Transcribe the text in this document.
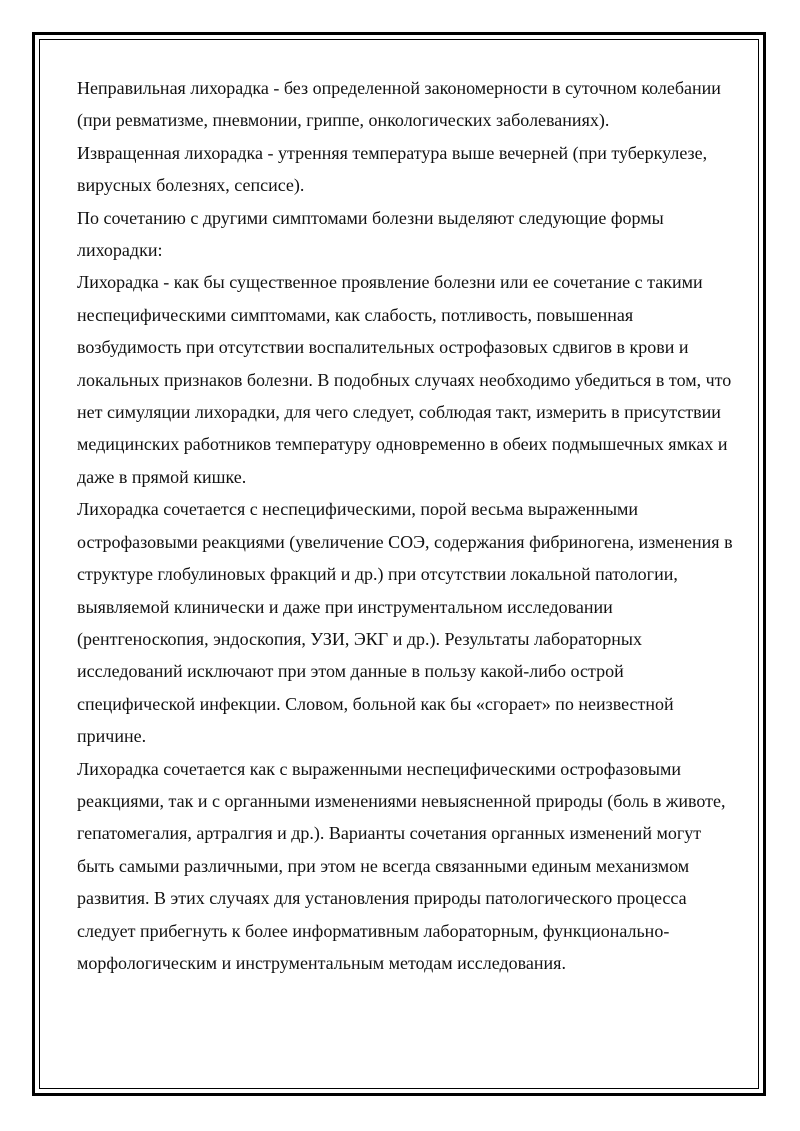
Неправильная лихорадка - без определенной закономерности в суточном колебании (при ревматизме, пневмонии, гриппе, онкологических заболеваниях).

Извращенная лихорадка - утренняя температура выше вечерней (при туберкулезе, вирусных болезнях, сепсисе).

По сочетанию с другими симптомами болезни выделяют следующие формы лихорадки:

Лихорадка - как бы существенное проявление болезни или ее сочетание с такими неспецифическими симптомами, как слабость, потливость, повышенная возбудимость при отсутствии воспалительных острофазовых сдвигов в крови и локальных признаков болезни. В подобных случаях необходимо убедиться в том, что нет симуляции лихорадки, для чего следует, соблюдая такт, измерить в присутствии медицинских работников температуру одновременно в обеих подмышечных ямках и даже в прямой кишке.

Лихорадка сочетается с неспецифическими, порой весьма выраженными острофазовыми реакциями (увеличение СОЭ, содержания фибриногена, изменения в структуре глобулиновых фракций и др.) при отсутствии локальной патологии, выявляемой клинически и даже при инструментальном исследовании (рентгеноскопия, эндоскопия, УЗИ, ЭКГ и др.). Результаты лабораторных исследований исключают при этом данные в пользу какой-либо острой специфической инфекции. Словом, больной как бы «сгорает» по неизвестной причине.

Лихорадка сочетается как с выраженными неспецифическими острофазовыми реакциями, так и с органными изменениями невыясненной природы (боль в животе, гепатомегалия, артралгия и др.). Варианты сочетания органных изменений могут быть самыми различными, при этом не всегда связанными единым механизмом развития. В этих случаях для установления природы патологического процесса следует прибегнуть к более информативным лабораторным, функционально-морфологическим и инструментальным методам исследования.
